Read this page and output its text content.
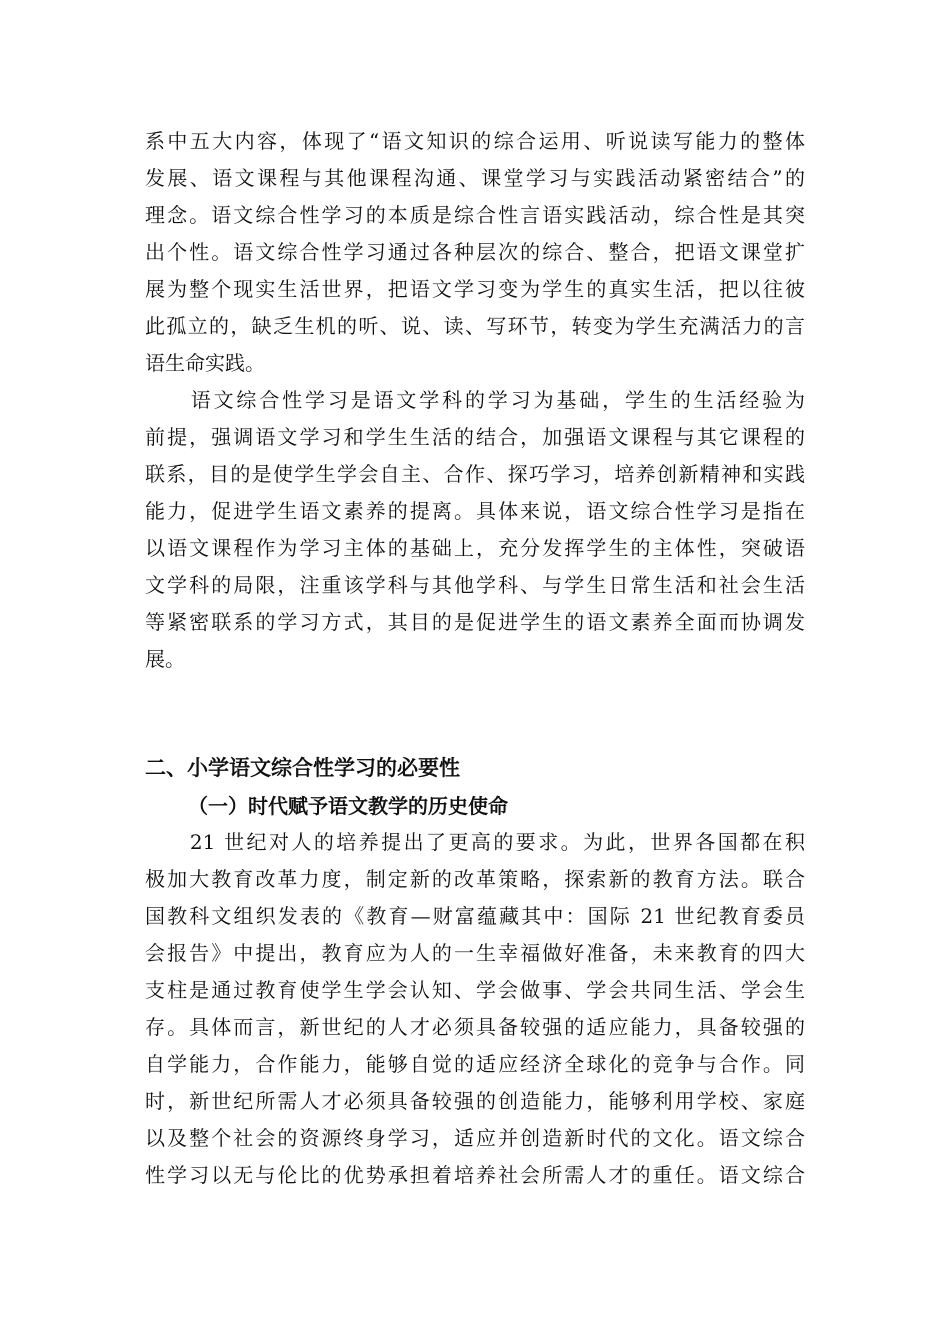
系中五大内容，体现了“语文知识的综合运用、听说读写能力的整体
发展、语文课程与其他课程沟通、课堂学习与实践活动紧密结合”的
理念。语文综合性学习的本质是综合性言语实践活动，综合性是其突
出个性。语文综合性学习通过各种层次的综合、整合，把语文课堂扩
展为整个现实生活世界，把语文学习变为学生的真实生活，把以往彼
此孤立的，缺乏生机的听、说、读、写环节，转变为学生充满活力的言
语生命实践。
　　语文综合性学习是语文学科的学习为基础，学生的生活经验为
前提，强调语文学习和学生生活的结合，加强语文课程与其它课程的
联系，目的是使学生学会自主、合作、探巧学习，培养创新精神和实践
能力，促进学生语文素养的提离。具体来说，语文综合性学习是指在
以语文课程作为学习主体的基础上，充分发挥学生的主体性，突破语
文学科的局限，注重该学科与其他学科、与学生日常生活和社会生活
等紧密联系的学习方式，其目的是促进学生的语文素养全面而协调发
展。
二、小学语文综合性学习的必要性
（一）时代赋予语文教学的历史使命
　　21 世纪对人的培养提出了更高的要求。为此，世界各国都在积
极加大教育改革力度，制定新的改革策略，探索新的教育方法。联合
国教科文组织发表的《教育—财富蕴藏其中：国际 21 世纪教育委员
会报告》中提出，教育应为人的一生幸福做好准备，未来教育的四大
支柱是通过教育使学生学会认知、学会做事、学会共同生活、学会生
存。具体而言，新世纪的人才必须具备较强的适应能力，具备较强的
自学能力，合作能力，能够自觉的适应经济全球化的竞争与合作。同
时，新世纪所需人才必须具备较强的创造能力，能够利用学校、家庭
以及整个社会的资源终身学习，适应并创造新时代的文化。语文综合
性学习以无与伦比的优势承担着培养社会所需人才的重任。语文综合
